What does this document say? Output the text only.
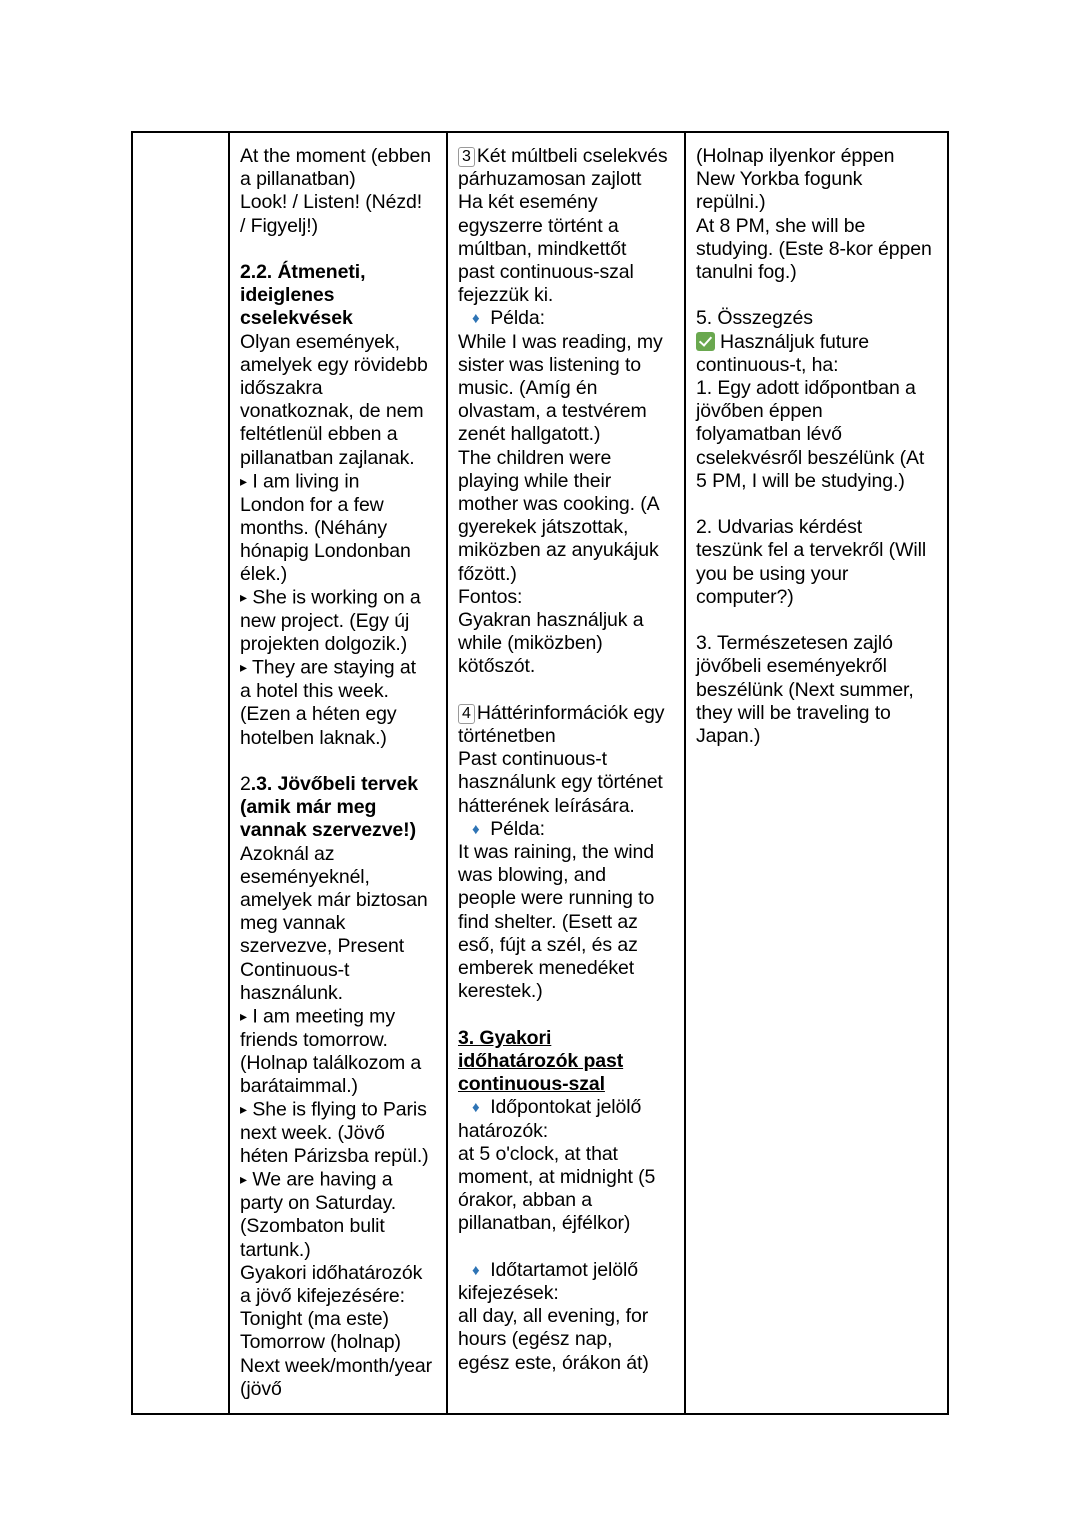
At the moment (ebben
a pillanatban)
Look! / Listen! (Nézd!
/ Figyelj!)
2.2. Átmeneti,
ideiglenes
cselekvések
Olyan események,
amelyek egy rövidebb
időszakra
vonatkoznak, de nem
feltétlenül ebben a
pillanatban zajlanak.
▸ I am living in
London for a few
months. (Néhány
hónapig Londonban
élek.)
▸ She is working on a
new project. (Egy új
projekten dolgozik.)
▸ They are staying at
a hotel this week.
(Ezen a héten egy
hotelben laknak.)
2.3. Jövőbeli tervek
(amik már meg
vannak szervezve!)
Azoknál az
eseményeknél,
amelyek már biztosan
meg vannak
szervezve, Present
Continuous-t
használunk.
▸ I am meeting my
friends tomorrow.
(Holnap találkozom a
barátaimmal.)
▸ She is flying to Paris
next week. (Jövő
héten Párizsba repül.)
▸ We are having a
party on Saturday.
(Szombaton bulit
tartunk.)
Gyakori időhatározók
a jövő kifejezésére:
Tonight (ma este)
Tomorrow (holnap)
Next week/month/year
(jövő

3 Két múltbeli cselekvés
párhuzamosan zajlott
Ha két esemény
egyszerre történt a
múltban, mindkettőt
past continuous-szal
fejezzük ki.
♦  Példa:
While I was reading, my
sister was listening to
music. (Amíg én
olvastam, a testvérem
zenét hallgatott.)
The children were
playing while their
mother was cooking. (A
gyerekek játszottak,
miközben az anyukájuk
főzött.)
Fontos:
Gyakran használjuk a
while (miközben)
kötőszót.
4 Háttérinformációk egy
történetben
Past continuous-t
használunk egy történet
hátterének leírására.
♦  Példa:
It was raining, the wind
was blowing, and
people were running to
find shelter. (Esett az
eső, fújt a szél, és az
emberek menedéket
kerestek.)
3. Gyakori
időhatározók past
continuous-szal
♦  Időpontokat jelölő
határozók:
at 5 o'clock, at that
moment, at midnight (5
órakor, abban a
pillanatban, éjfélkor)
♦  Időtartamot jelölő
kifejezések:
all day, all evening, for
hours (egész nap,
egész este, órákon át)

(Holnap ilyenkor éppen
New Yorkba fogunk
repülni.)
At 8 PM, she will be
studying. (Este 8-kor éppen
tanulni fog.)
5. Összegzés
Használjuk future
continuous-t, ha:
1. Egy adott időpontban a
jövőben éppen
folyamatban lévő
cselekvésről beszélünk (At
5 PM, I will be studying.)
2. Udvarias kérdést
teszünk fel a tervekről (Will
you be using your
computer?)
3. Természetesen zajló
jövőbeli eseményekről
beszélünk (Next summer,
they will be traveling to
Japan.)
